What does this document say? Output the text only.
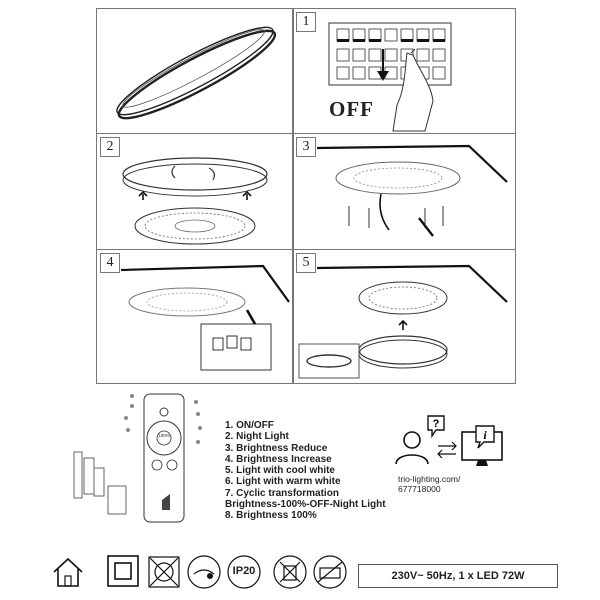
1
OFF
2	3
4	5
100%
1. ON/OFF
2. Night Light
3. Brightness Reduce
4. Brightness Increase
5. Light with cool white
6. Light with warm white
7. Cyclic transformation
Brightness-100%-OFF-Night Light
8. Brightness 100%
?
i
trio-lighting.com/
677718000
IP20	230V~ 50Hz, 1 x LED 72W
